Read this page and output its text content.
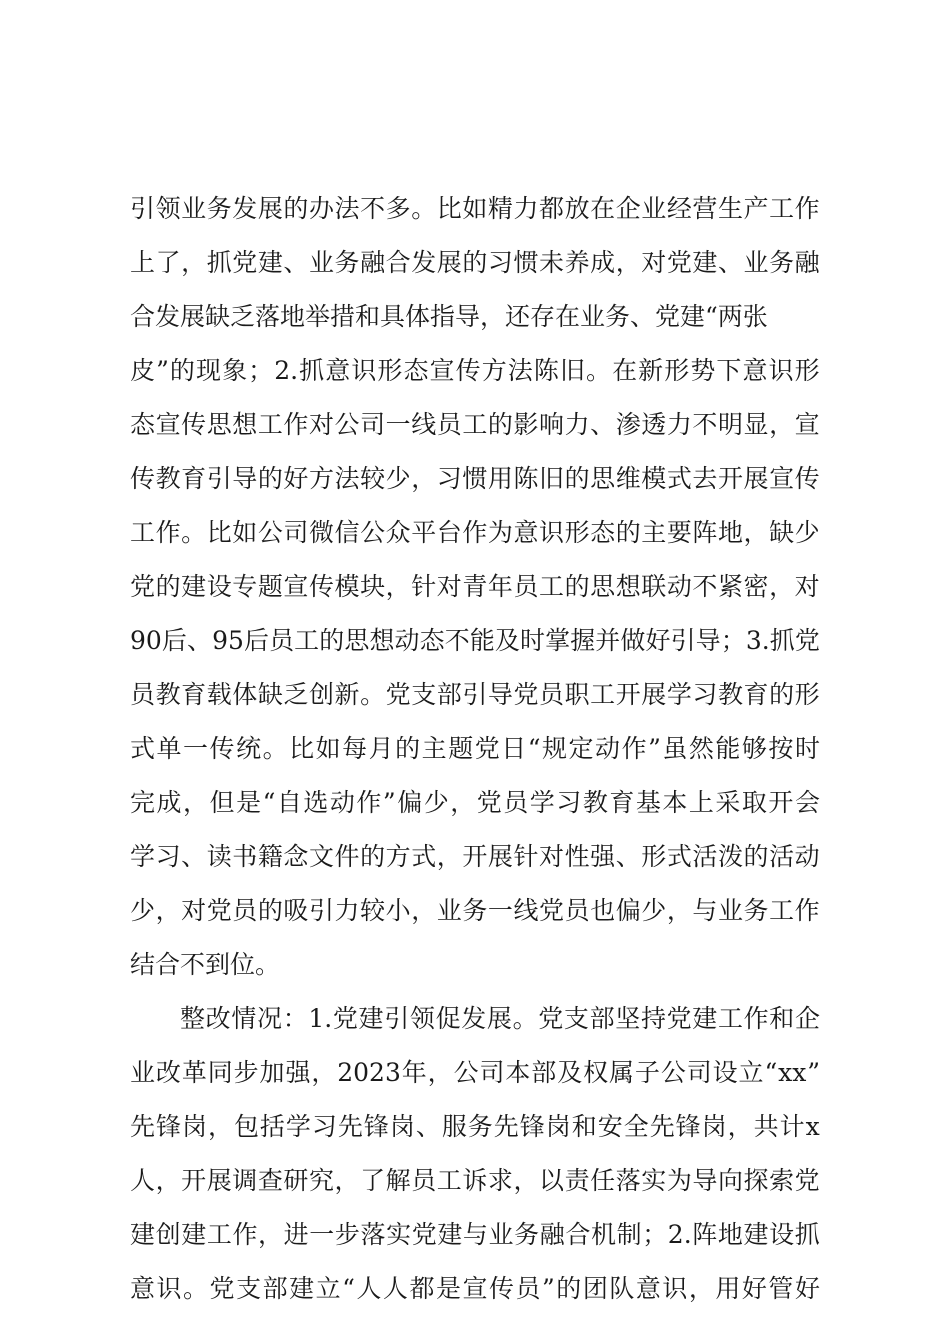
引 领 业 务 发 展 的 办 法 不 多 。 比 如 精 力 都 放 在 企 业 经 营 生 产 工 作
上 了 ， 抓 党 建 、 业 务 融 合 发 展 的 习 惯 未 养 成 ， 对 党 建 、 业 务 融
合发展缺乏落地举措和具体指导，还存在业务、党建“两张
皮 ” 的 现 象 ； 2. 抓 意 识 形 态 宣 传 方 法 陈 旧 。 在 新 形 势 下 意 识 形
态 宣 传 思 想 工 作 对 公 司 一 线 员 工 的 影 响 力 、 渗 透 力 不 明 显 ， 宣
传 教 育 引 导 的 好 方 法 较 少 ， 习 惯 用 陈 旧 的 思 维 模 式 去 开 展 宣 传
工 作 。 比 如 公 司 微 信 公 众 平 台 作 为 意 识 形 态 的 主 要 阵 地 ， 缺 少
党 的 建 设 专 题 宣 传 模 块 ， 针 对 青 年 员 工 的 思 想 联 动 不 紧 密 ， 对
90 后 、 95 后 员 工 的 思 想 动 态 不 能 及 时 掌 握 并 做 好 引 导 ； 3. 抓 党
员 教 育 载 体 缺 乏 创 新 。 党 支 部 引 导 党 员 职 工 开 展 学 习 教 育 的 形
式 单 一 传 统 。 比 如 每 月 的 主 题 党 日 “ 规 定 动 作 ” 虽 然 能 够 按 时
完 成 ， 但 是 “ 自 选 动 作 ” 偏 少 ， 党 员 学 习 教 育 基 本 上 采 取 开 会
学 习 、 读 书 籍 念 文 件 的 方 式 ， 开 展 针 对 性 强 、 形 式 活 泼 的 活 动
少 ， 对 党 员 的 吸 引 力 较 小 ， 业 务 一 线 党 员 也 偏 少 ， 与 业 务 工 作
结合不到位。
整 改 情 况 ： 1. 党 建 引 领 促 发 展 。 党 支 部 坚 持 党 建 工 作 和 企
业 改 革 同 步 加 强 ， 2023 年 ， 公 司 本 部 及 权 属 子 公 司 设 立 “ xx ”
先 锋 岗 ， 包 括 学 习 先 锋 岗 、 服 务 先 锋 岗 和 安 全 先 锋 岗 ， 共 计 x
人 ， 开 展 调 查 研 究 ， 了 解 员 工 诉 求 ， 以 责 任 落 实 为 导 向 探 索 党
建 创 建 工 作 ， 进 一 步 落 实 党 建 与 业 务 融 合 机 制 ； 2. 阵 地 建 设 抓
意 识 。 党 支 部 建 立 “ 人 人 都 是 宣 传 员 ” 的 团 队 意 识 ， 用 好 管 好
